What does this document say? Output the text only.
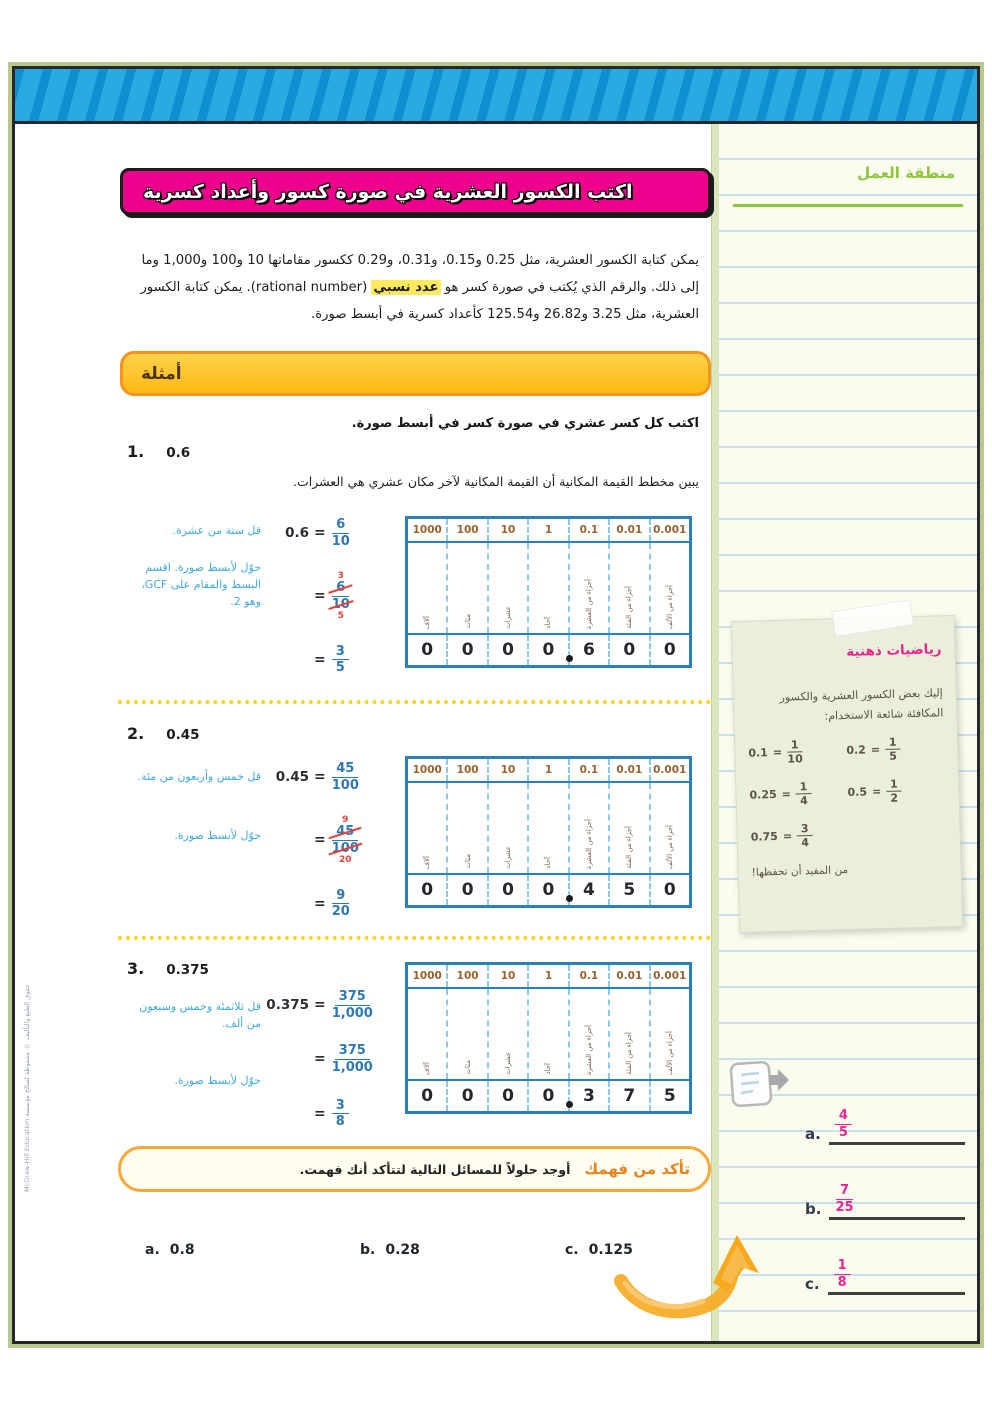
اكتب الكسور العشرية في صورة كسور وأعداد كسرية

يمكن كتابة الكسور العشرية، مثل 0.25 و0.15، و0.31، و0.29 ككسور مقاماتها 10 و100 و1,000 وما إلى ذلك. والرقم الذي يُكتب في صورة كسر هو عدد نسبي (rational number). يمكن كتابة الكسور العشرية، مثل 3.25 و26.82 و125.54 كأعداد كسرية في أبسط صورة.

أمثلة
اكتب كل كسر عشري في صورة كسر في أبسط صورة.
1. 0.6
يبين مخطط القيمة المكانية أن القيمة المكانية لآخر مكان عشري هي العشرات.
قل ستة من عشرة.
حوّل لأبسط صورة. اقسم البسط والمقام على GCF، وهو 2.
$0.6 = \frac{6}{10}$
=
3
6
10
5
= $\frac{3}{5}$
1000	100	10	1	0.1	0.01	0.001
آلاف	مئات	عشرات	آحاد	أجزاء من العشرة	أجزاء من المئة	أجزاء من الألف
0	0	0	0	6	0	0
2. 0.45
قل خمس وأربعون من مئة.
حوّل لأبسط صورة.
$0.45 = \frac{45}{100}$
=
9
45
100
20
= $\frac{9}{20}$
1000	100	10	1	0.1	0.01	0.001
آلاف	مئات	عشرات	آحاد	أجزاء من العشرة	أجزاء من المئة	أجزاء من الألف
0	0	0	0	4	5	0
3. 0.375
قل ثلاثمئة وخمس وسبعون من ألف.
حوّل لأبسط صورة.
$0.375 = \frac{375}{1,000}$
= $\frac{375}{1,000}$
= $\frac{3}{8}$
1000	100	10	1	0.1	0.01	0.001
آلاف	مئات	عشرات	آحاد	أجزاء من العشرة	أجزاء من المئة	أجزاء من الألف
0	0	0	0	3	7	5
تأكد من فهمك
أوجد حلولاً للمسائل التالية لتتأكد أنك فهمت.
a. 0.8	b. 0.28	c. 0.125
حقوق الطبع والتأليف © محفوظة لصالح مؤسسة McGraw-Hill Education
منطقة العمل
رياضيات ذهنية
إليك بعض الكسور العشرية والكسور المكافئة شائعة الاستخدام:
$0.1 = \frac{1}{10}$	$0.2 = \frac{1}{5}$
$0.25 = \frac{1}{4}$	$0.5 = \frac{1}{2}$
$0.75 = \frac{3}{4}$
من المفيد أن تحفظها!
a. $\frac{4}{5}$
b. $\frac{7}{25}$
c. $\frac{1}{8}$
